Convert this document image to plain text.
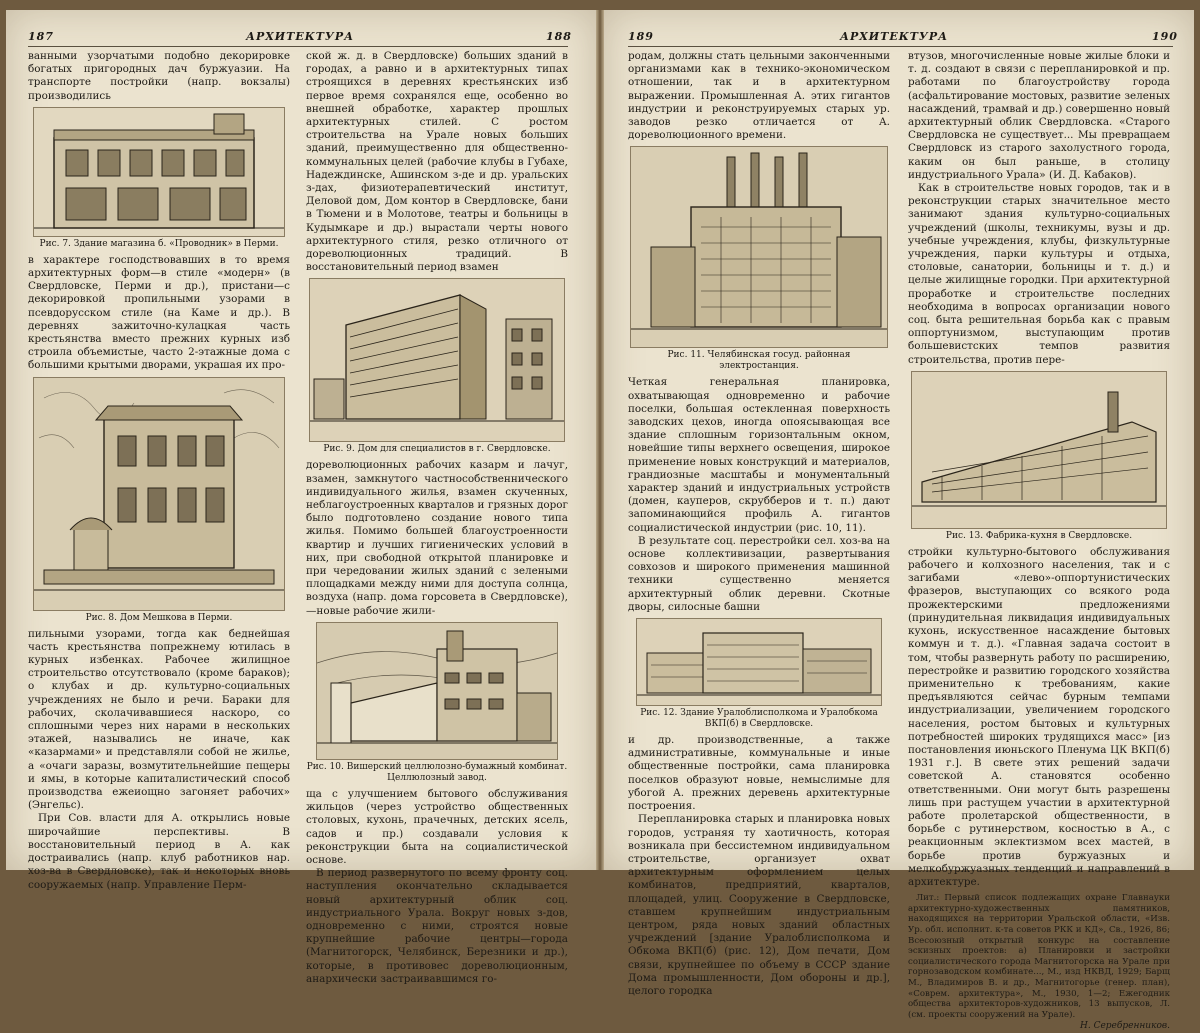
187	АРХИТЕКТУРА	188

ванными узорчатыми подобно декорировке богатых пригородных дач буржуазии. На транспорте постройки (напр. вокзалы) производились

Рис. 7. Здание магазина б. «Проводник» в Перми.

в характере господствовавших в то время архитектурных форм—в стиле «модерн» (в Свердловске, Перми и др.), пристани—с декорировкой пропильными узорами в псевдорусском стиле (на Каме и др.). В деревнях зажиточно-кулацкая часть крестьянства вместо прежних курных изб строила объемистые, часто 2-этажные дома с большими крытыми дворами, украшая их про-

Рис. 8. Дом Мешкова в Перми.

пильными узорами, тогда как беднейшая часть крестьянства попрежнему ютилась в курных избенках. Рабочее жилищное строительство отсутствовало (кроме бараков); о клубах и др. культурно-социальных учреждениях не было и речи. Бараки для рабочих, сколачивавшиеся наскоро, со сплошными через них нарами в нескольких этажей, назывались не иначе, как «казармами» и представляли собой не жилье, а «очаги заразы, возмутительнейшие пещеры и ямы, в которые капиталистический способ производства ежеиощно загоняет рабочих» (Энгельс).

При Сов. власти для А. открылись новые широчайшие перспективы. В восстановительный период в А. как достраивались (напр. клуб работников нар. хоз-ва в Свердловске), так и некоторых вновь сооружаемых (напр. Управление Перм-

ской ж. д. в Свердловске) больших зданий в городах, а равно и в архитектурных типах строящихся в деревнях крестьянских изб первое время сохранялся еще, особенно во внешней обработке, характер прошлых архитектурных стилей. С ростом строительства на Урале новых больших зданий, преимущественно для общественно-коммунальных целей (рабочие клубы в Губахе, Надеждинске, Ашинском з-де и др. уральских з-дах, физиотерапевтический институт, Деловой дом, Дом контор в Свердловске, бани в Тюмени и в Молотове, театры и больницы в Кудымкаре и др.) вырастали черты нового архитектурного стиля, резко отличного от дореволюционных традиций. В восстановительный период взамен

Рис. 9. Дом для специалистов в г. Свердловске.

дореволюционных рабочих казарм и лачуг, взамен, замкнутого частнособственнического индивидуального жилья, взамен скученных, неблагоустроенных кварталов и грязных дорог было подготовлено создание нового типа жилья. Помимо большей благоустроенности квартир и лучших гигиенических условий в них, при свободной открытой планировке и при чередовании жилых зданий с зелеными площадками между ними для доступа солнца, воздуха (напр. дома горсовета в Свердловске),—новые рабочие жили-

Рис. 10. Вишерский целлюлозно-бумажный комбинат. Целлюлозный завод.

ща с улучшением бытового обслуживания жильцов (через устройство общественных столовых, кухонь, прачечных, детских ясель, садов и пр.) создавали условия к реконструкции быта на социалистической основе.

В период развернутого по всему фронту соц. наступления окончательно складывается новый архитектурный облик соц. индустриального Урала. Вокруг новых з-дов, одновременно с ними, строятся новые крупнейшие рабочие центры—города (Магнитогорск, Челябинск, Березники и др.), которые, в противовес дореволюционным, анархически застраивавшимся го-

189	АРХИТЕКТУРА	190

родам, должны стать цельными законченными организмами как в технико-экономическом отношении, так и в архитектурном выражении. Промышленная А. этих гигантов индустрии и реконструируемых старых ур. заводов резко отличается от А. дореволюционного времени.

Рис. 11. Челябинская госуд. районная электростанция.

Четкая генеральная планировка, охватывающая одновременно и рабочие поселки, большая остекленная поверхность заводских цехов, иногда опоясывающая все здание сплошным горизонтальным окном, новейшие типы верхнего освещения, широкое применение новых конструкций и материалов, грандиозные масштабы и монументальный характер зданий и индустриальных устройств (домен, кауперов, скрубберов и т. п.) дают запоминающийся профиль А. гигантов социалистической индустрии (рис. 10, 11).

В результате соц. перестройки сел. хоз-ва на основе коллективизации, развертывания совхозов и широкого применения машинной техники существенно меняется архитектурный облик деревни. Скотные дворы, силосные башни

Рис. 12. Здание Уралоблисполкома и Уралобкома ВКП(б) в Свердловске.

и др. производственные, а также административные, коммунальные и иные общественные постройки, сама планировка поселков образуют новые, немыслимые для убогой А. прежних деревень архитектурные построения.

Перепланировка старых и планировка новых городов, устраняя ту хаотичность, которая возникала при бессистемном индивидуальном строительстве, организует охват архитектурным оформлением целых комбинатов, предприятий, кварталов, площадей, улиц. Сооружение в Свердловске, ставшем крупнейшим индустриальным центром, ряда новых зданий областных учреждений [здание Уралоблисполкома и Обкома ВКП(б) (рис. 12), Дом печати, Дом связи, крупнейшее по объему в СССР здание Дома промышленности, Дом обороны и др.], целого городка

втузов, многочисленные новые жилые блоки и т. д. создают в связи с перепланировкой и пр. работами по благоустройству города (асфальтирование мостовых, развитие зеленых насаждений, трамвай и др.) совершенно новый архитектурный облик Свердловска. «Старого Свердловска не существует... Мы превращаем Свердловск из старого захолустного города, каким он был раньше, в столицу индустриального Урала» (И. Д. Кабаков).

Как в строительстве новых городов, так и в реконструкции старых значительное место занимают здания культурно-социальных учреждений (школы, техникумы, вузы и др. учебные учреждения, клубы, физкультурные учреждения, парки культуры и отдыха, столовые, санатории, больницы и т. д.) и целые жилищные городки. При архитектурной проработке и строительстве последних необходима в вопросах организации нового соц. быта решительная борьба как с правым оппортунизмом, выступающим против большевистских темпов развития строительства, против пере-

Рис. 13. Фабрика-кухня в Свердловске.

стройки культурно-бытового обслуживания рабочего и колхозного населения, так и с загибами «лево»-оппортунистических фразеров, выступающих со всякого рода прожектерскими предложениями (принудительная ликвидация индивидуальных кухонь, искусственное насаждение бытовых коммун и т. д.). «Главная задача состоит в том, чтобы развернуть работу по расширению, перестройке и развитию городского хозяйства применительно к требованиям, какие предъявляются сейчас бурным темпами индустриализации, увеличением городского населения, ростом бытовых и культурных потребностей широких трудящихся масс» [из постановления июньского Пленума ЦК ВКП(б) 1931 г.]. В свете этих решений задачи советской А. становятся особенно ответственными. Они могут быть разрешены лишь при растущем участии в архитектурной работе пролетарской общественности, в борьбе с рутинерством, косностью в А., с реакционным эклектизмом всех мастей, в борьбе против буржуазных и мелкобуржуазных тенденций и направлений в архитектуре.

Лит.: Первый список подлежащих охране Главнауки архитектурно-художественных памятников, находящихся на территории Уральской области, «Изв. Ур. обл. исполнит. к-та советов РКК и КД», Св., 1926, 86; Всесоюзный открытый конкурс на составление эскизных проектов: а) Планировки и застройки социалистического города Магнитогорска на Урале при горнозаводском комбинате..., М., изд НКВД, 1929; Барщ М., Владимиров В. и др., Магнитогорье (генер. план), «Соврем. архитектура», М., 1930, 1—2; Ежегодник общества архитекторов-художников, 13 выпусков, Л. (см. проекты сооружений на Урале).
Н. Серебренников.
